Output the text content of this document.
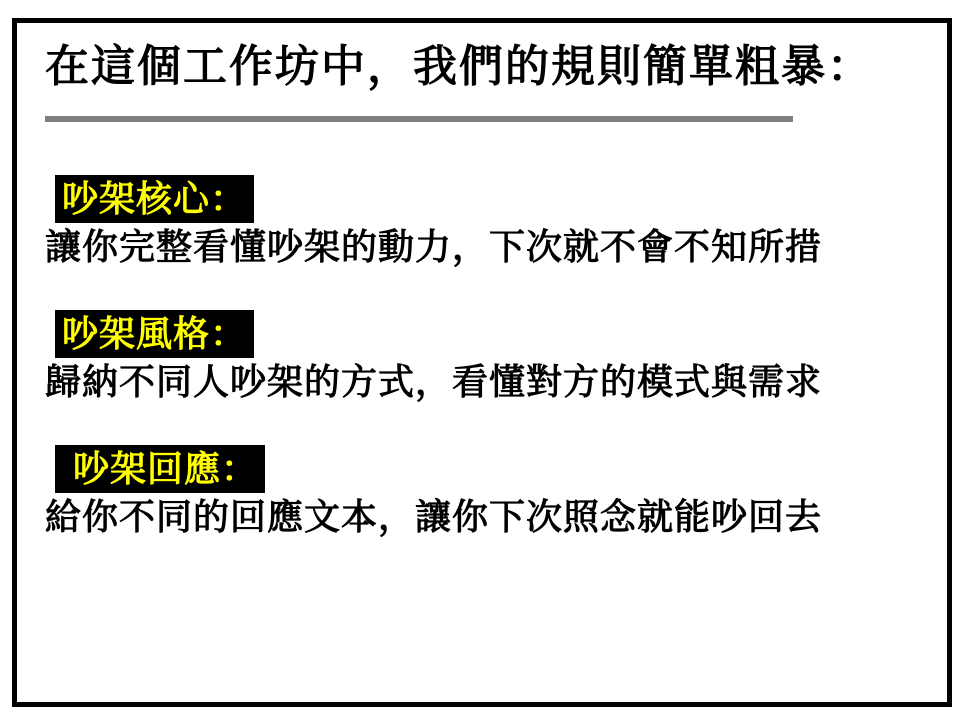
在這個工作坊中，我們的規則簡單粗暴：
吵架核心：
讓你完整看懂吵架的動力，下次就不會不知所措
吵架風格：
歸納不同人吵架的方式，看懂對方的模式與需求
吵架回應：
給你不同的回應文本，讓你下次照念就能吵回去
